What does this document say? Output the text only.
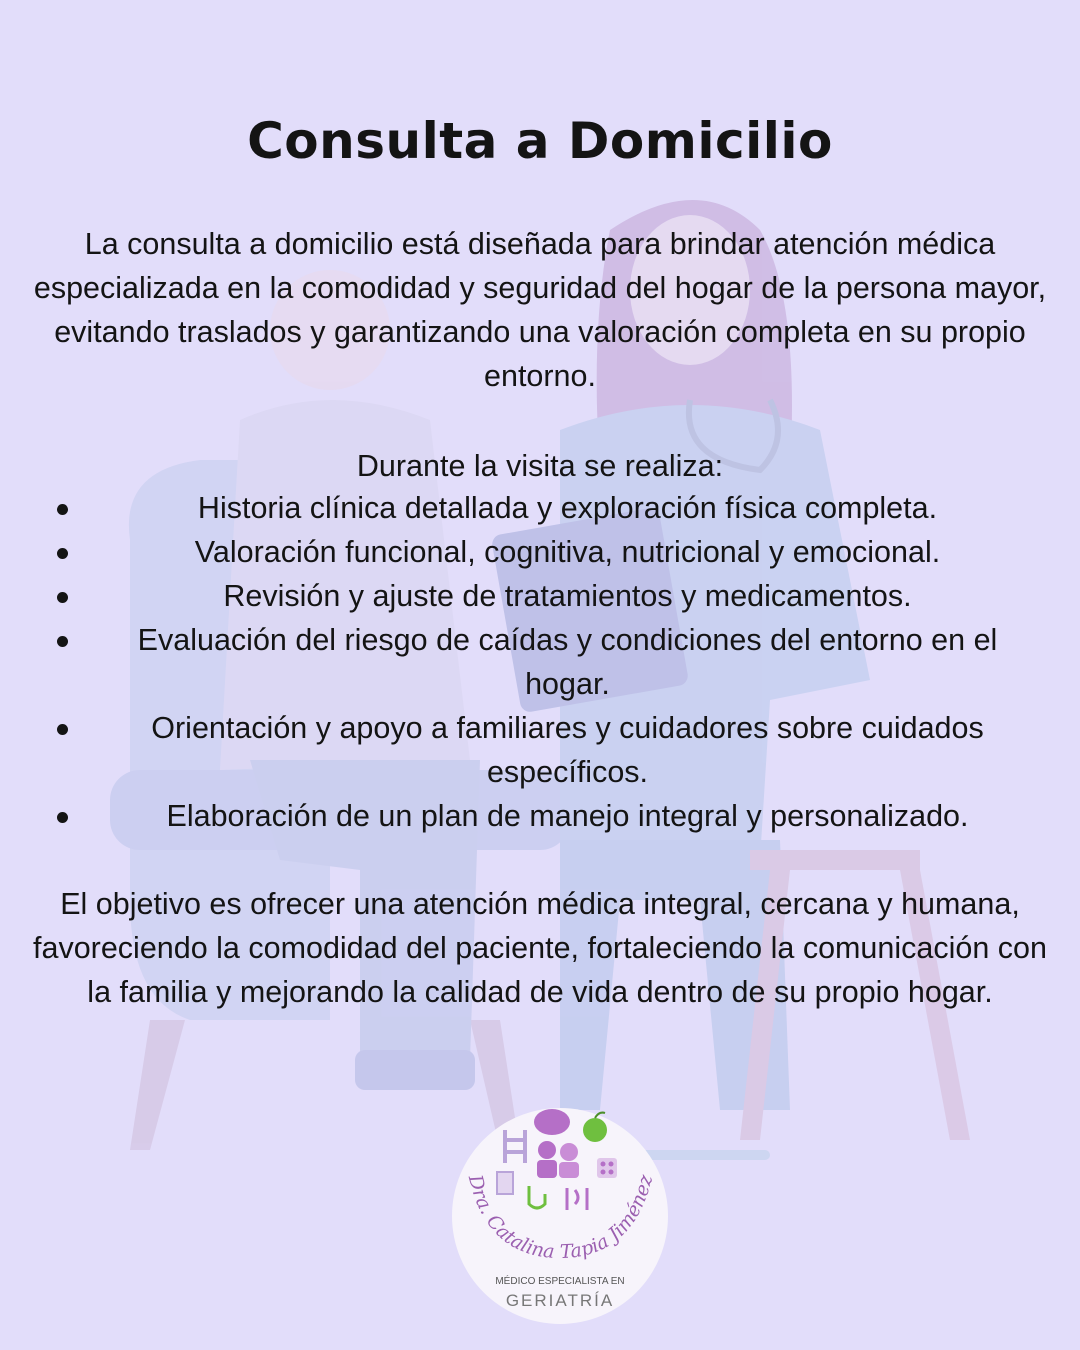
Consulta a Domicilio

La consulta a domicilio está diseñada para brindar atención médica especializada en la comodidad y seguridad del hogar de la persona mayor, evitando traslados y garantizando una valoración completa en su propio entorno.

Durante la visita se realiza:

Historia clínica detallada y exploración física completa.
Valoración funcional, cognitiva, nutricional y emocional.
Revisión y ajuste de tratamientos y medicamentos.
Evaluación del riesgo de caídas y condiciones del entorno en el hogar.
Orientación y apoyo a familiares y cuidadores sobre cuidados específicos.
Elaboración de un plan de manejo integral y personalizado.

El objetivo es ofrecer una atención médica integral, cercana y humana, favoreciendo la comodidad del paciente, fortaleciendo la comunicación con la familia y mejorando la calidad de vida dentro de su propio hogar.

Dra. Catalina Tapia Jiménez
MÉDICO ESPECIALISTA EN
GERIATRÍA
